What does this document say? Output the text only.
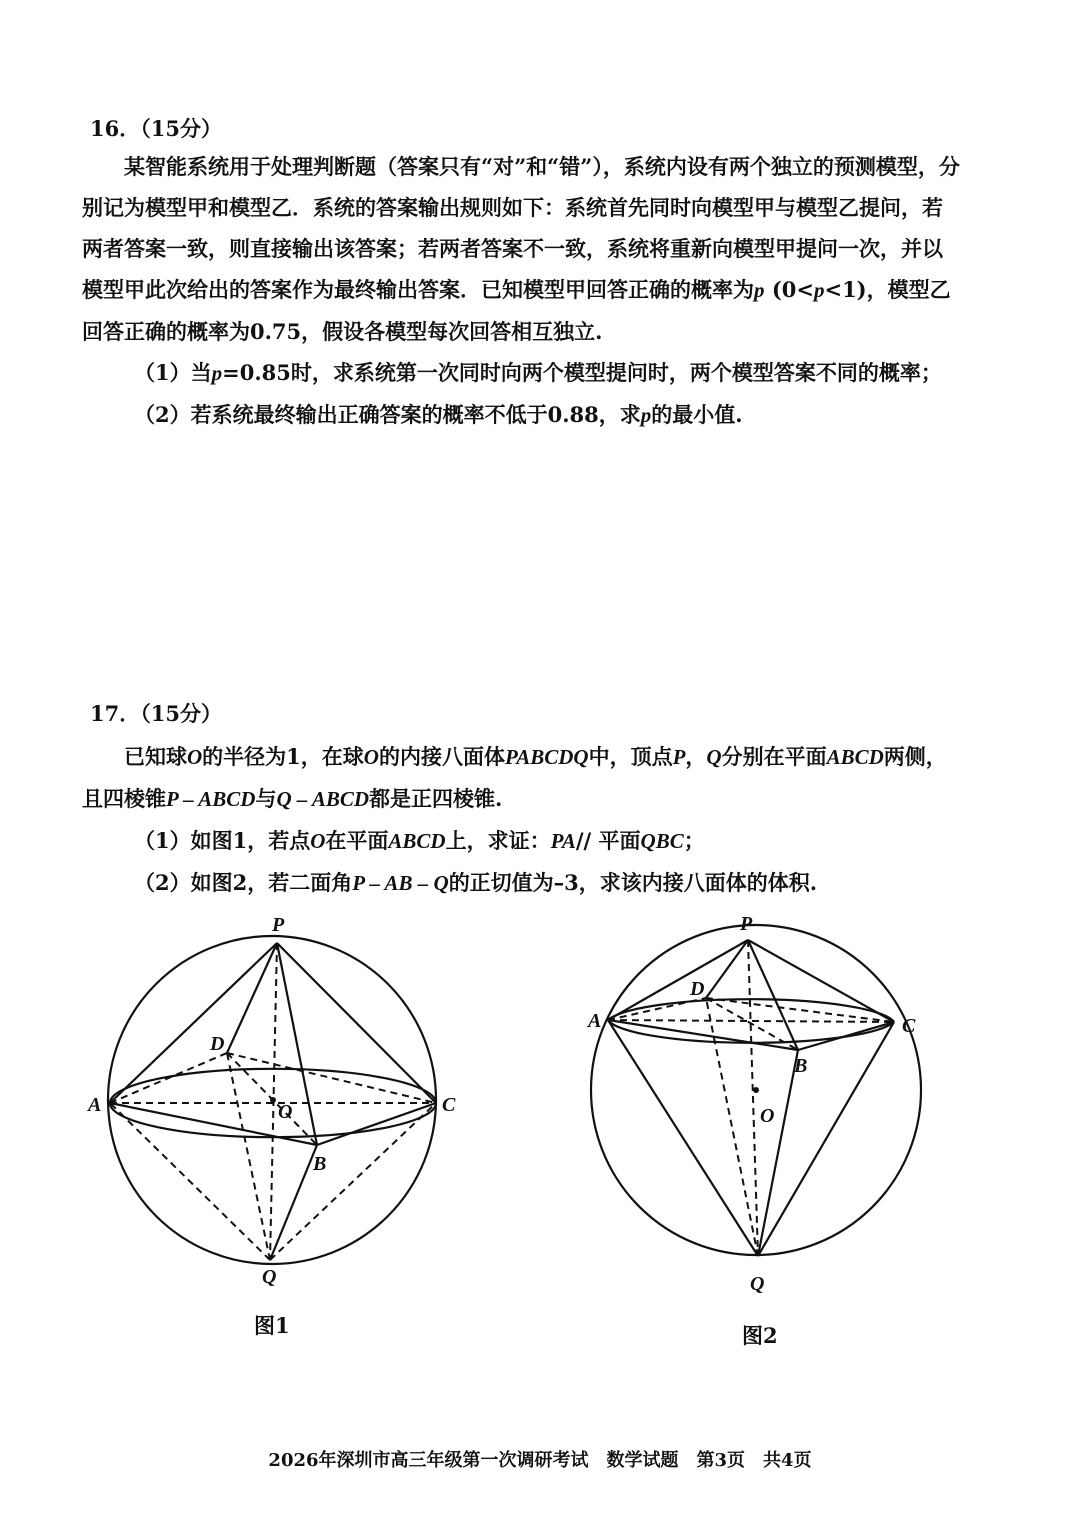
16．（15分）

某智能系统用于处理判断题（答案只有“对”和“错”），系统内设有两个独立的预测模型，分别记为模型甲和模型乙．系统的答案输出规则如下：系统首先同时向模型甲与模型乙提问，若两者答案一致，则直接输出该答案；若两者答案不一致，系统将重新向模型甲提问一次，并以模型甲此次给出的答案作为最终输出答案．已知模型甲回答正确的概率为p (0<p<1)，模型乙回答正确的概率为0.75，假设各模型每次回答相互独立.

（1）当p=0.85时，求系统第一次同时向两个模型提问时，两个模型答案不同的概率；

（2）若系统最终输出正确答案的概率不低于0.88，求p的最小值.

17．（15分）

已知球O的半径为1，在球O的内接八面体PABCDQ中，顶点P，Q分别在平面ABCD两侧，且四棱锥P – ABCD与Q – ABCD都是正四棱锥.

（1）如图1，若点O在平面ABCD上，求证：PA// 平面QBC；

（2）如图2，若二面角P – AB – Q的正切值为–3，求该内接八面体的体积.

P
D
A	O	C
B
Q
图1
P
D
A	C
B
O
Q
图2
2026年深圳市高三年级第一次调研考试　数学试题　第3页　共4页
